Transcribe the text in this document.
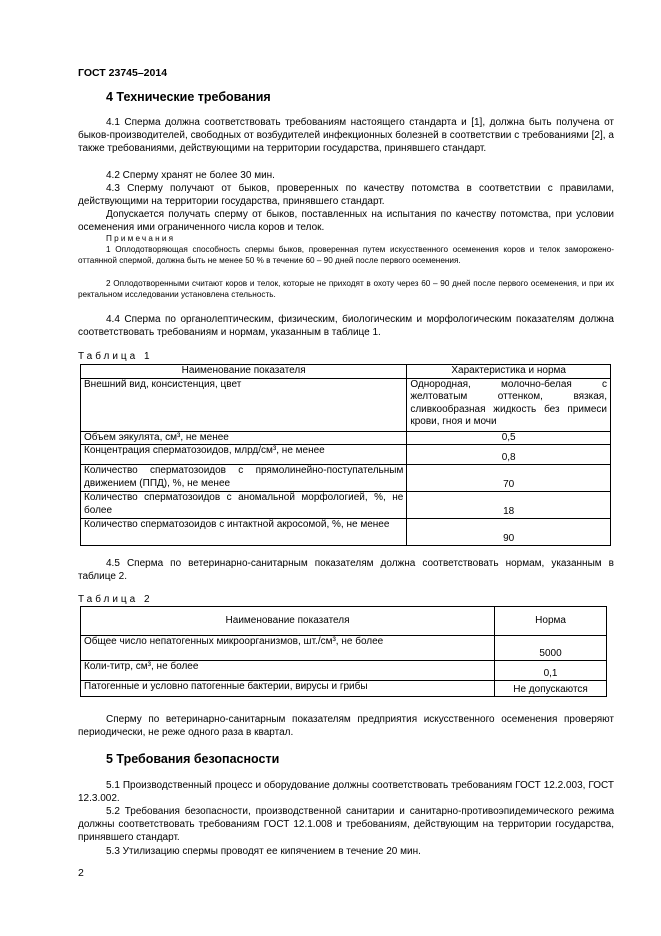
ГОСТ 23745–2014
4 Технические требования
4.1 Сперма должна соответствовать требованиям настоящего стандарта и [1], должна быть получена от быков-производителей, свободных от возбудителей инфекционных болезней в соответствии с требованиями [2], а также требованиями, действующими на территории государства, принявшего стандарт.
4.2 Сперму хранят не более 30 мин.
4.3 Сперму получают от быков, проверенных по качеству потомства в соответствии с правилами, действующими на территории государства, принявшего стандарт.
Допускается получать сперму от быков, поставленных на испытания по качеству потомства, при условии осеменения ими ограниченного числа коров и телок.
Примечания
1 Оплодотворяющая способность спермы быков, проверенная путем искусственного осеменения коров и телок заморожено-оттаянной спермой, должна быть не менее 50 % в течение 60 – 90 дней после первого осеменения.
2 Оплодотворенными считают коров и телок, которые не приходят в охоту через 60 – 90 дней после первого осеменения, и при их ректальном исследовании установлена стельность.
4.4 Сперма по органолептическим, физическим, биологическим и морфологическим показателям должна соответствовать требованиям и нормам, указанным в таблице 1.
Таблица 1
Наименование показателя	Характеристика и норма
Внешний вид, консистенция, цвет	Однородная, молочно-белая с желтоватым оттенком, вязкая, сливкообразная жидкость без примеси крови, гноя и мочи
Объем эякулята, см³, не менее	0,5
Концентрация сперматозоидов, млрд/см³, не менее	0,8
Количество сперматозоидов с прямолинейно-поступательным движением (ППД), %, не менее	70
Количество сперматозоидов с аномальной морфологией, %, не более	18
Количество сперматозоидов с интактной акросомой, %, не менее	90
4.5 Сперма по ветеринарно-санитарным показателям должна соответствовать нормам, указанным в таблице 2.
Таблица 2
Наименование показателя	Норма
Общее число непатогенных микроорганизмов, шт./см³, не более	5000
Коли-титр, см³, не более	0,1
Патогенные и условно патогенные бактерии, вирусы и грибы	Не допускаются
Сперму по ветеринарно-санитарным показателям предприятия искусственного осеменения проверяют периодически, не реже одного раза в квартал.
5 Требования безопасности
5.1 Производственный процесс и оборудование должны соответствовать требованиям ГОСТ 12.2.003, ГОСТ 12.3.002.
5.2 Требования безопасности, производственной санитарии и санитарно-противоэпидемического режима должны соответствовать требованиям ГОСТ 12.1.008 и требованиям, действующим на территории государства, принявшего стандарт.
5.3 Утилизацию спермы проводят ее кипячением в течение 20 мин.
2
